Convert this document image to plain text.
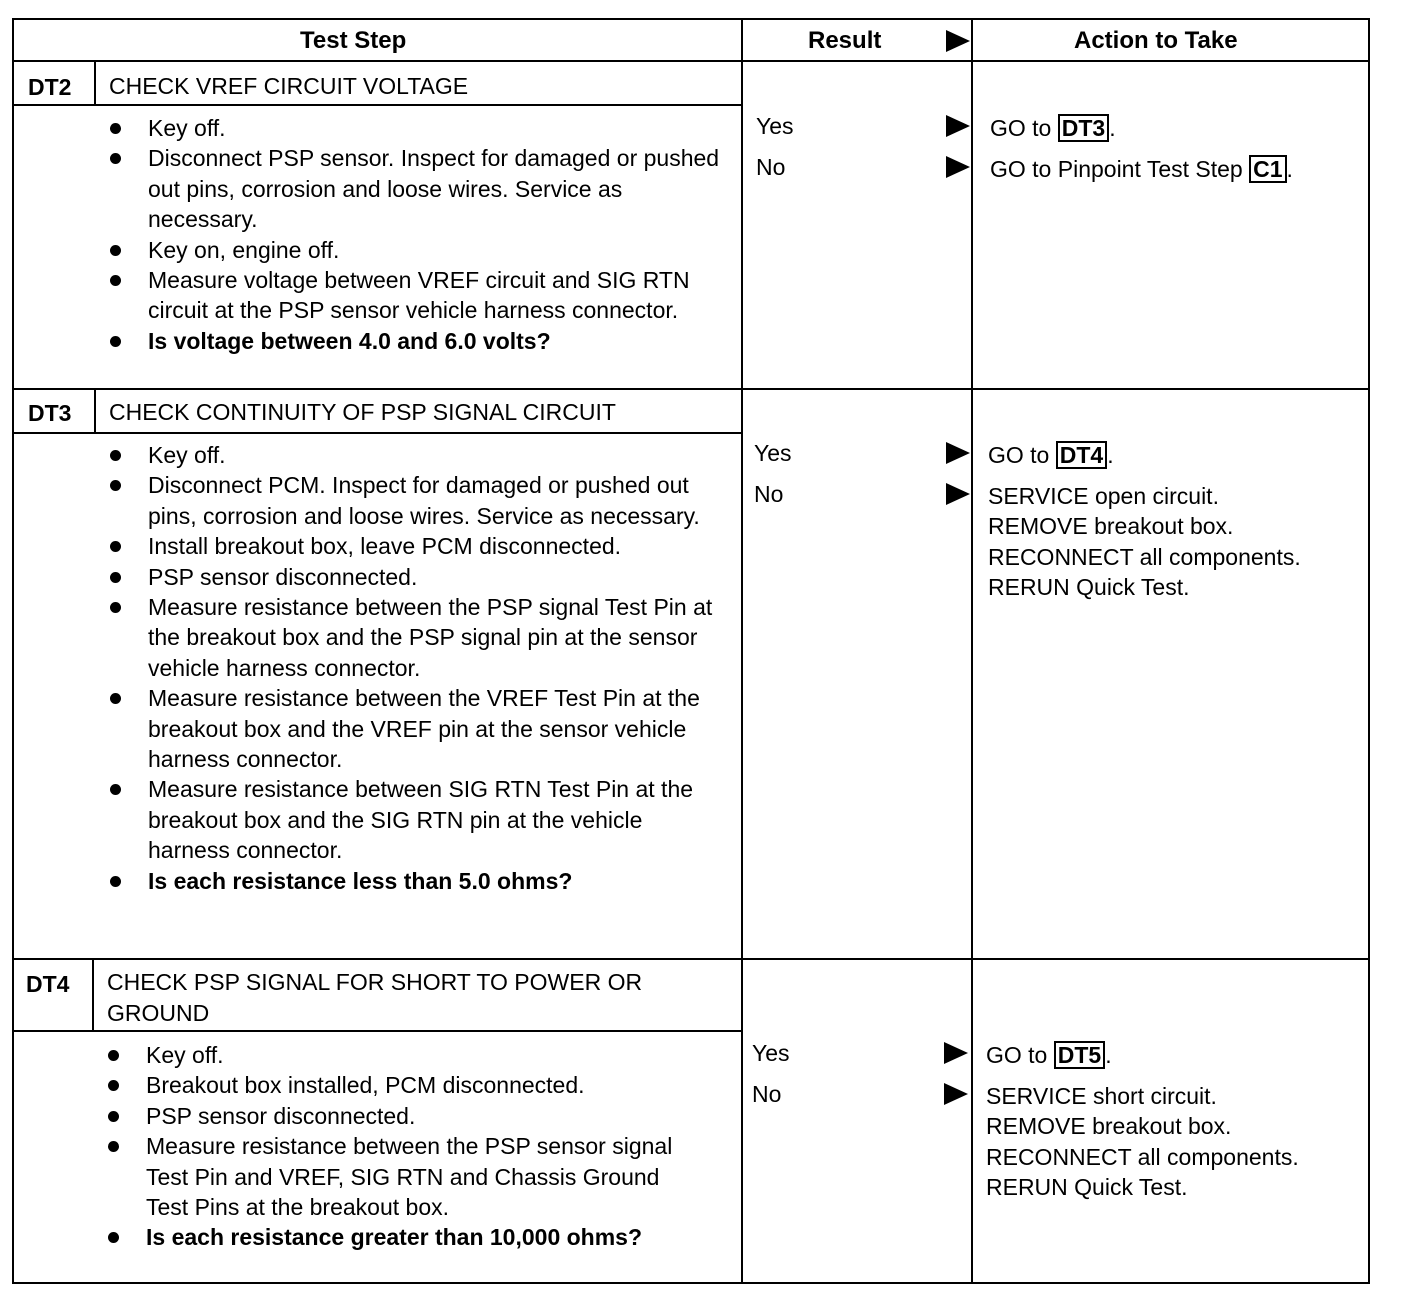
Test Step	Result	Action to Take
DT2 CHECK VREF CIRCUIT VOLTAGE
Key off.
Disconnect PSP sensor. Inspect for damaged or pushed out pins, corrosion and loose wires. Service as necessary.
Key on, engine off.
Measure voltage between VREF circuit and SIG RTN circuit at the PSP sensor vehicle harness connector.
Is voltage between 4.0 and 6.0 volts?
Yes
No
GO to DT3 .
GO to Pinpoint Test Step C1 .
DT3 CHECK CONTINUITY OF PSP SIGNAL CIRCUIT
Key off.
Disconnect PCM. Inspect for damaged or pushed out pins, corrosion and loose wires. Service as necessary.
Install breakout box, leave PCM disconnected.
PSP sensor disconnected.
Measure resistance between the PSP signal Test Pin at the breakout box and the PSP signal pin at the sensor vehicle harness connector.
Measure resistance between the VREF Test Pin at the breakout box and the VREF pin at the sensor vehicle harness connector.
Measure resistance between SIG RTN Test Pin at the breakout box and the SIG RTN pin at the vehicle harness connector.
Is each resistance less than 5.0 ohms?
Yes
No
GO to DT4 .
SERVICE open circuit.
REMOVE breakout box.
RECONNECT all components.
RERUN Quick Test.
DT4 CHECK PSP SIGNAL FOR SHORT TO POWER OR GROUND
Key off.
Breakout box installed, PCM disconnected.
PSP sensor disconnected.
Measure resistance between the PSP sensor signal Test Pin and VREF, SIG RTN and Chassis Ground Test Pins at the breakout box.
Is each resistance greater than 10,000 ohms?
Yes
No
GO to DT5 .
SERVICE short circuit.
REMOVE breakout box.
RECONNECT all components.
RERUN Quick Test.
